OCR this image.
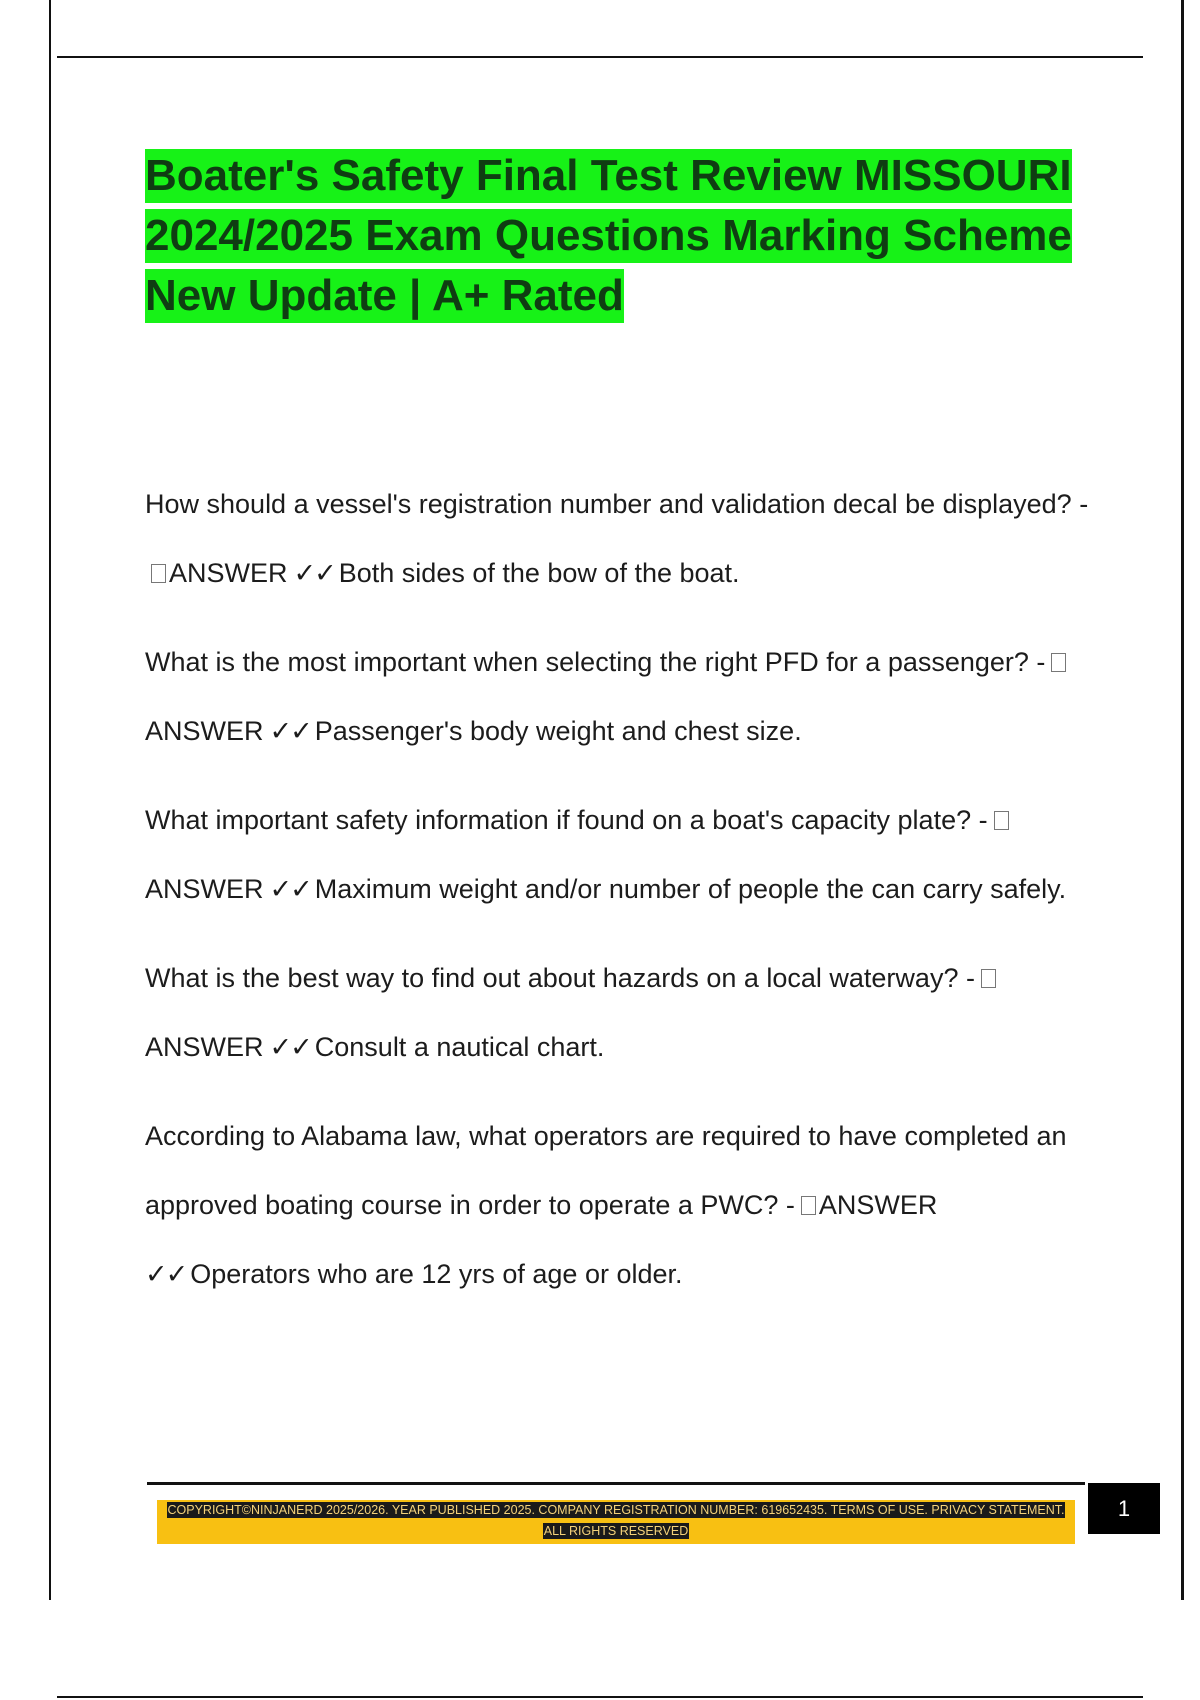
Boater's Safety Final Test Review MISSOURI 2024/2025 Exam Questions Marking Scheme New Update | A+ Rated

How should a vessel's registration number and validation decal be displayed? -ANSWER ✓✓ Both sides of the bow of the boat.

What is the most important when selecting the right PFD for a passenger? -ANSWER ✓✓ Passenger's body weight and chest size.

What important safety information if found on a boat's capacity plate? -ANSWER ✓✓ Maximum weight and/or number of people the can carry safely.

What is the best way to find out about hazards on a local waterway? -ANSWER ✓✓ Consult a nautical chart.

According to Alabama law, what operators are required to have completed an approved boating course in order to operate a PWC? - ANSWER ✓✓ Operators who are 12 yrs of age or older.

COPYRIGHT©NINJANERD 2025/2026. YEAR PUBLISHED 2025. COMPANY REGISTRATION NUMBER: 619652435. TERMS OF USE. PRIVACY STATEMENT. ALL RIGHTS RESERVED
1
